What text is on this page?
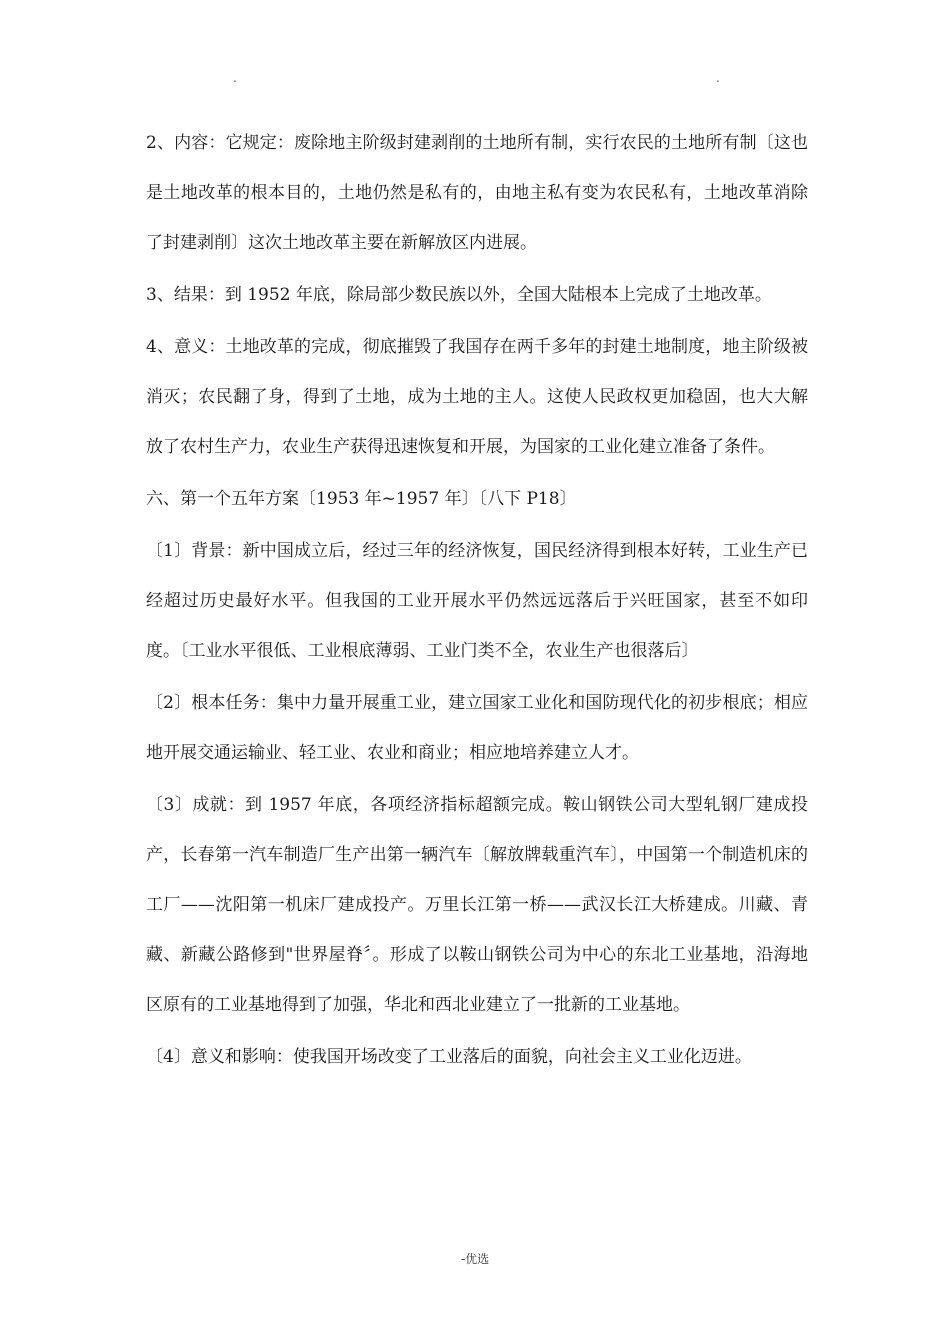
.	.

2、内容：它规定：废除地主阶级封建剥削的土地所有制，实行农民的土地所有制〔这也是土地改革的根本目的，土地仍然是私有的，由地主私有变为农民私有，土地改革消除了封建剥削〕这次土地改革主要在新解放区内进展。

3、结果：到 1952 年底，除局部少数民族以外，全国大陆根本上完成了土地改革。

4、意义：土地改革的完成，彻底摧毁了我国存在两千多年的封建土地制度，地主阶级被消灭；农民翻了身，得到了土地，成为土地的主人。这使人民政权更加稳固，也大大解放了农村生产力，农业生产获得迅速恢复和开展，为国家的工业化建立准备了条件。

六、第一个五年方案〔1953 年~1957 年〕〔八下 P18〕

〔1〕背景：新中国成立后，经过三年的经济恢复，国民经济得到根本好转，工业生产已经超过历史最好水平。但我国的工业开展水平仍然远远落后于兴旺国家，甚至不如印度。〔工业水平很低、工业根底薄弱、工业门类不全，农业生产也很落后〕

〔2〕根本任务：集中力量开展重工业，建立国家工业化和国防现代化的初步根底；相应地开展交通运输业、轻工业、农业和商业；相应地培养建立人才。

〔3〕成就：到 1957 年底，各项经济指标超额完成。鞍山钢铁公司大型轧钢厂建成投产，长春第一汽车制造厂生产出第一辆汽车〔解放牌载重汽车〕，中国第一个制造机床的工厂——沈阳第一机床厂建成投产。万里长江第一桥——武汉长江大桥建成。川藏、青藏、新藏公路修到"世界屋脊〞。形成了以鞍山钢铁公司为中心的东北工业基地，沿海地区原有的工业基地得到了加强，华北和西北业建立了一批新的工业基地。

〔4〕意义和影响：使我国开场改变了工业落后的面貌，向社会主义工业化迈进。

-优选
